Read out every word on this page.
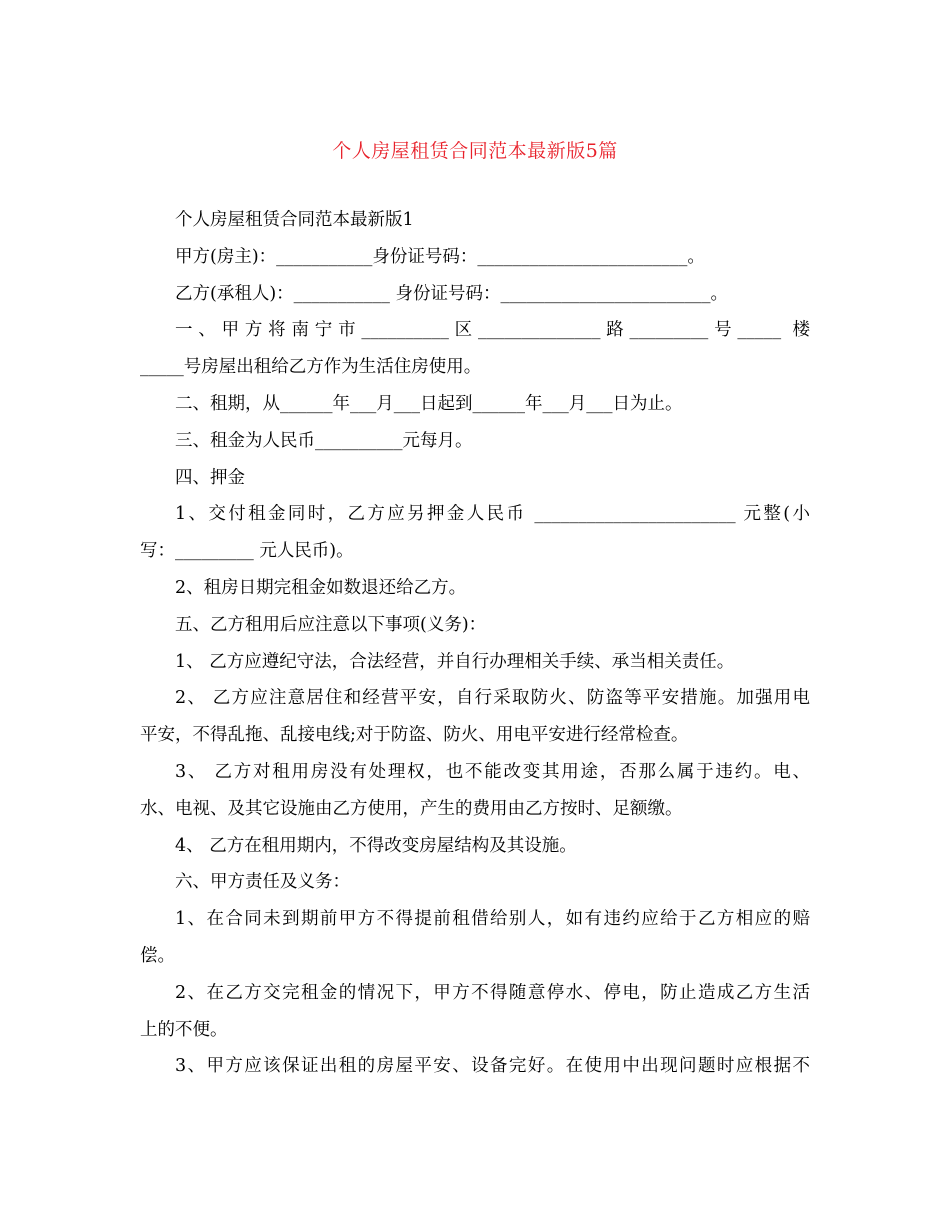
个人房屋租赁合同范本最新版5篇
个人房屋租赁合同范本最新版1
甲方(房主)：___________身份证号码：________________________。
乙方(承租人)：___________ 身份证号码：________________________。
一、甲方将南宁市__________区______________路_________号_____ 楼
_____号房屋出租给乙方作为生活住房使用。
二、租期，从______年___月___日起到______年___月___日为止。
三、租金为人民币__________元每月。
四、押金
1、交付租金同时，乙方应另押金人民币 _______________________ 元整(小
写：_________ 元人民币)。
2、租房日期完租金如数退还给乙方。
五、乙方租用后应注意以下事项(义务)：
1、 乙方应遵纪守法，合法经营，并自行办理相关手续、承当相关责任。
2、 乙方应注意居住和经营平安，自行采取防火、防盗等平安措施。加强用电
平安，不得乱拖、乱接电线;对于防盗、防火、用电平安进行经常检查。
3、 乙方对租用房没有处理权，也不能改变其用途，否那么属于违约。电、
水、电视、及其它设施由乙方使用，产生的费用由乙方按时、足额缴。
4、 乙方在租用期内，不得改变房屋结构及其设施。
六、甲方责任及义务：
1、在合同未到期前甲方不得提前租借给别人，如有违约应给于乙方相应的赔
偿。
2、在乙方交完租金的情况下，甲方不得随意停水、停电，防止造成乙方生活
上的不便。
3、甲方应该保证出租的房屋平安、设备完好。在使用中出现问题时应根据不
